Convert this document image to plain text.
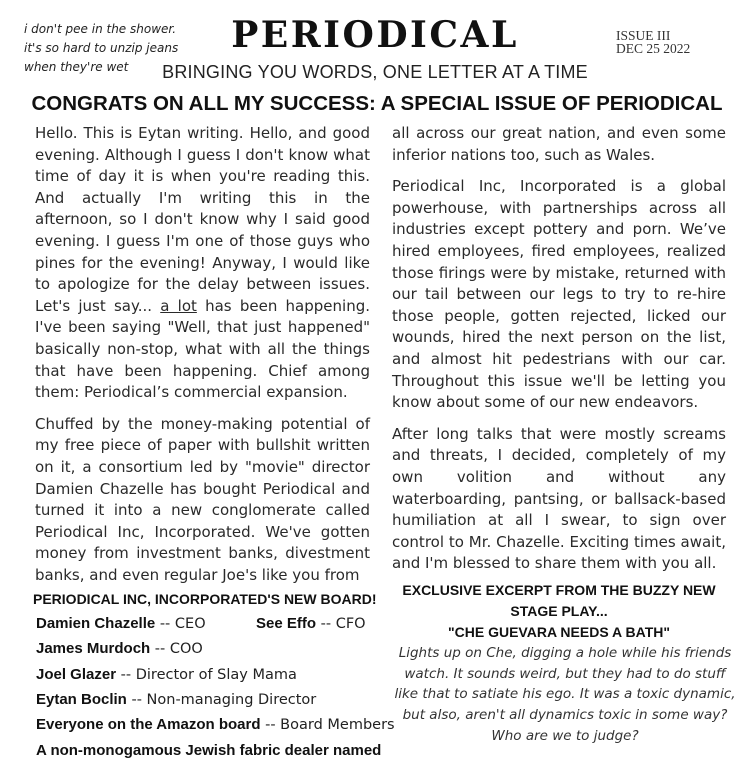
i don't pee in the shower.
it's so hard to unzip jeans
when they're wet
PERIODICAL	ISSUE III
DEC 25 2022
BRINGING YOU WORDS, ONE LETTER AT A TIME
CONGRATS ON ALL MY SUCCESS: A SPECIAL ISSUE OF PERIODICAL

Hello. This is Eytan writing. Hello, and good evening. Although I guess I don't know what time of day it is when you're reading this. And actually I'm writing this in the afternoon, so I don't know why I said good evening. I guess I'm one of those guys who pines for the evening! Anyway, I would like to apologize for the delay between issues. Let's just say... a lot has been happening. I've been saying "Well, that just happened" basically non-stop, what with all the things that have been happening. Chief among them: Periodical’s commercial expansion.

Chuffed by the money-making potential of my free piece of paper with bullshit written on it, a consortium led by "movie" director Damien Chazelle has bought Periodical and turned it into a new conglomerate called Periodical Inc, Incorporated. We've gotten money from investment banks, divestment banks, and even regular Joe's like you from

all across our great nation, and even some inferior nations too, such as Wales.

Periodical Inc, Incorporated is a global powerhouse, with partnerships across all industries except pottery and porn. We’ve hired employees, fired employees, realized those firings were by mistake, returned with our tail between our legs to try to re-hire those people, gotten rejected, licked our wounds, hired the next person on the list, and almost hit pedestrians with our car. Throughout this issue we'll be letting you know about some of our new endeavors.

After long talks that were mostly screams and threats, I decided, completely of my own volition and without any waterboarding, pantsing, or ballsack-based humiliation at all I swear, to sign over control to Mr. Chazelle. Exciting times await, and I'm blessed to share them with you all.

PERIODICAL INC, INCORPORATED'S NEW BOARD!
Damien Chazelle -- CEO	See Effo -- CFO
James Murdoch -- COO
Joel Glazer -- Director of Slay Mama
Eytan Boclin -- Non-managing Director
Everyone on the Amazon board -- Board Members
A non-monogamous Jewish fabric dealer named
EXCLUSIVE EXCERPT FROM THE BUZZY NEW
STAGE PLAY...
"CHE GUEVARA NEEDS A BATH"
Lights up on Che, digging a hole while his friends watch. It sounds weird, but they had to do stuff like that to satiate his ego. It was a toxic dynamic, but also, aren't all dynamics toxic in some way? Who are we to judge?
